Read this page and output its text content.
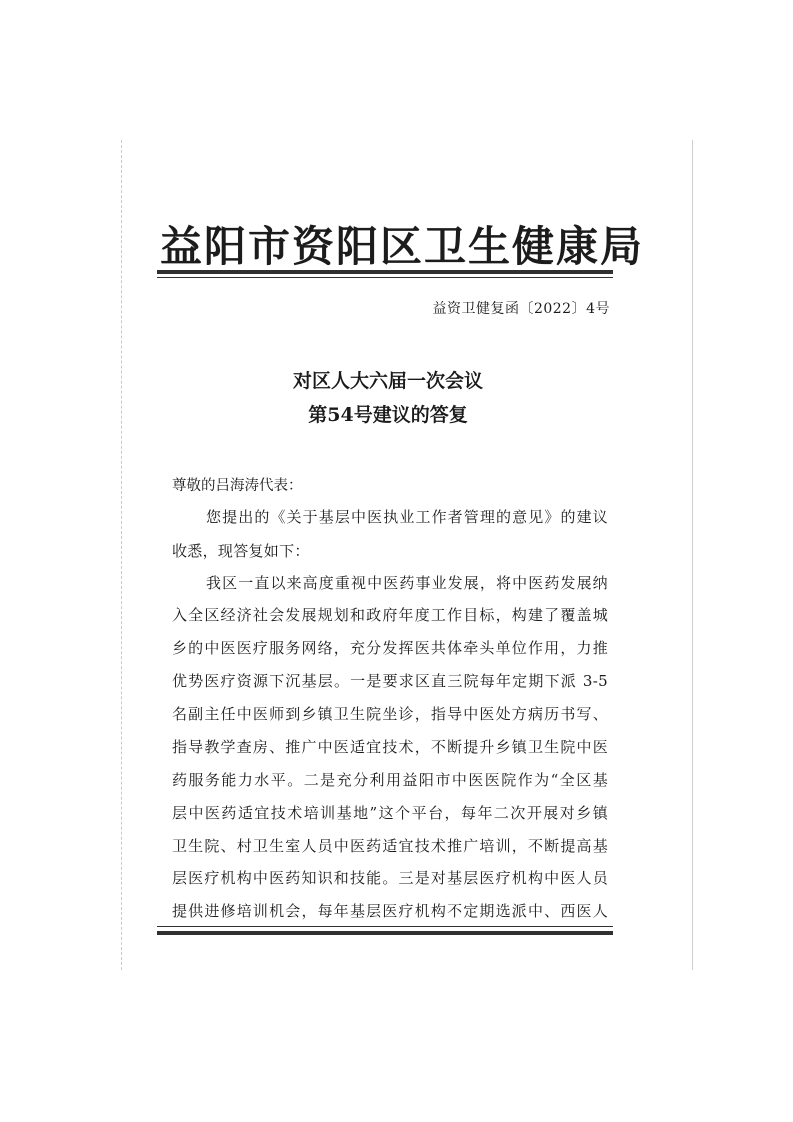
益阳市资阳区卫生健康局
益资卫健复函〔2022〕4号
对区人大六届一次会议
第54号建议的答复
尊敬的吕海涛代表：
您提出的《关于基层中医执业工作者管理的意见》的建议
收悉，现答复如下：
我区一直以来高度重视中医药事业发展，将中医药发展纳
入全区经济社会发展规划和政府年度工作目标，构建了覆盖城
乡的中医医疗服务网络，充分发挥医共体牵头单位作用，力推
优势医疗资源下沉基层。一是要求区直三院每年定期下派 3-5
名副主任中医师到乡镇卫生院坐诊，指导中医处方病历书写、
指导教学查房、推广中医适宜技术，不断提升乡镇卫生院中医
药服务能力水平。二是充分利用益阳市中医医院作为“全区基
层中医药适宜技术培训基地”这个平台，每年二次开展对乡镇
卫生院、村卫生室人员中医药适宜技术推广培训，不断提高基
层医疗机构中医药知识和技能。三是对基层医疗机构中医人员
提供进修培训机会，每年基层医疗机构不定期选派中、西医人
